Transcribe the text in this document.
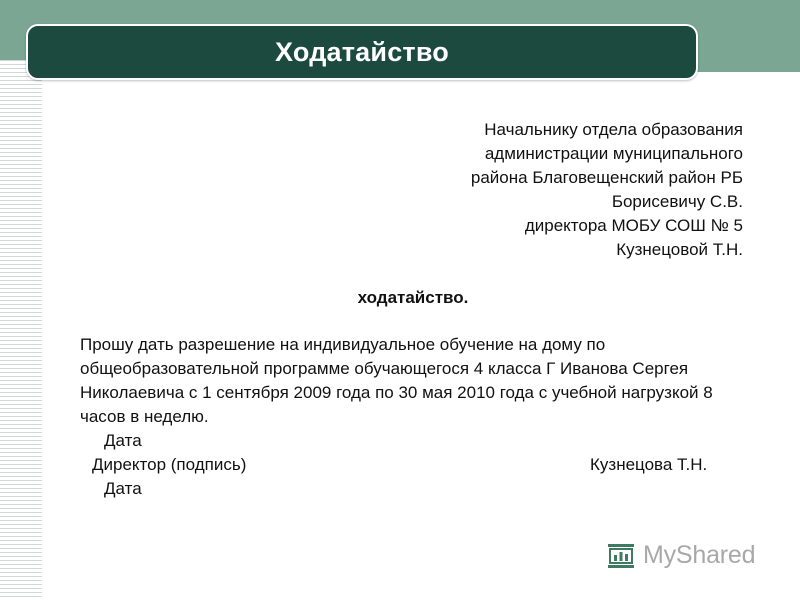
Ходатайство
Начальнику отдела образования
администрации муниципального
района Благовещенский район РБ
Борисевичу С.В.
директора МОБУ СОШ № 5
Кузнецовой Т.Н.
ходатайство.
Прошу дать разрешение на индивидуальное обучение на дому по общеобразовательной программе обучающегося 4 класса Г Иванова Сергея Николаевича с 1 сентября 2009 года по 30 мая 2010 года с учебной нагрузкой 8 часов в неделю.
Дата
Директор (подпись)	Кузнецова Т.Н.
Дата
MyShared
